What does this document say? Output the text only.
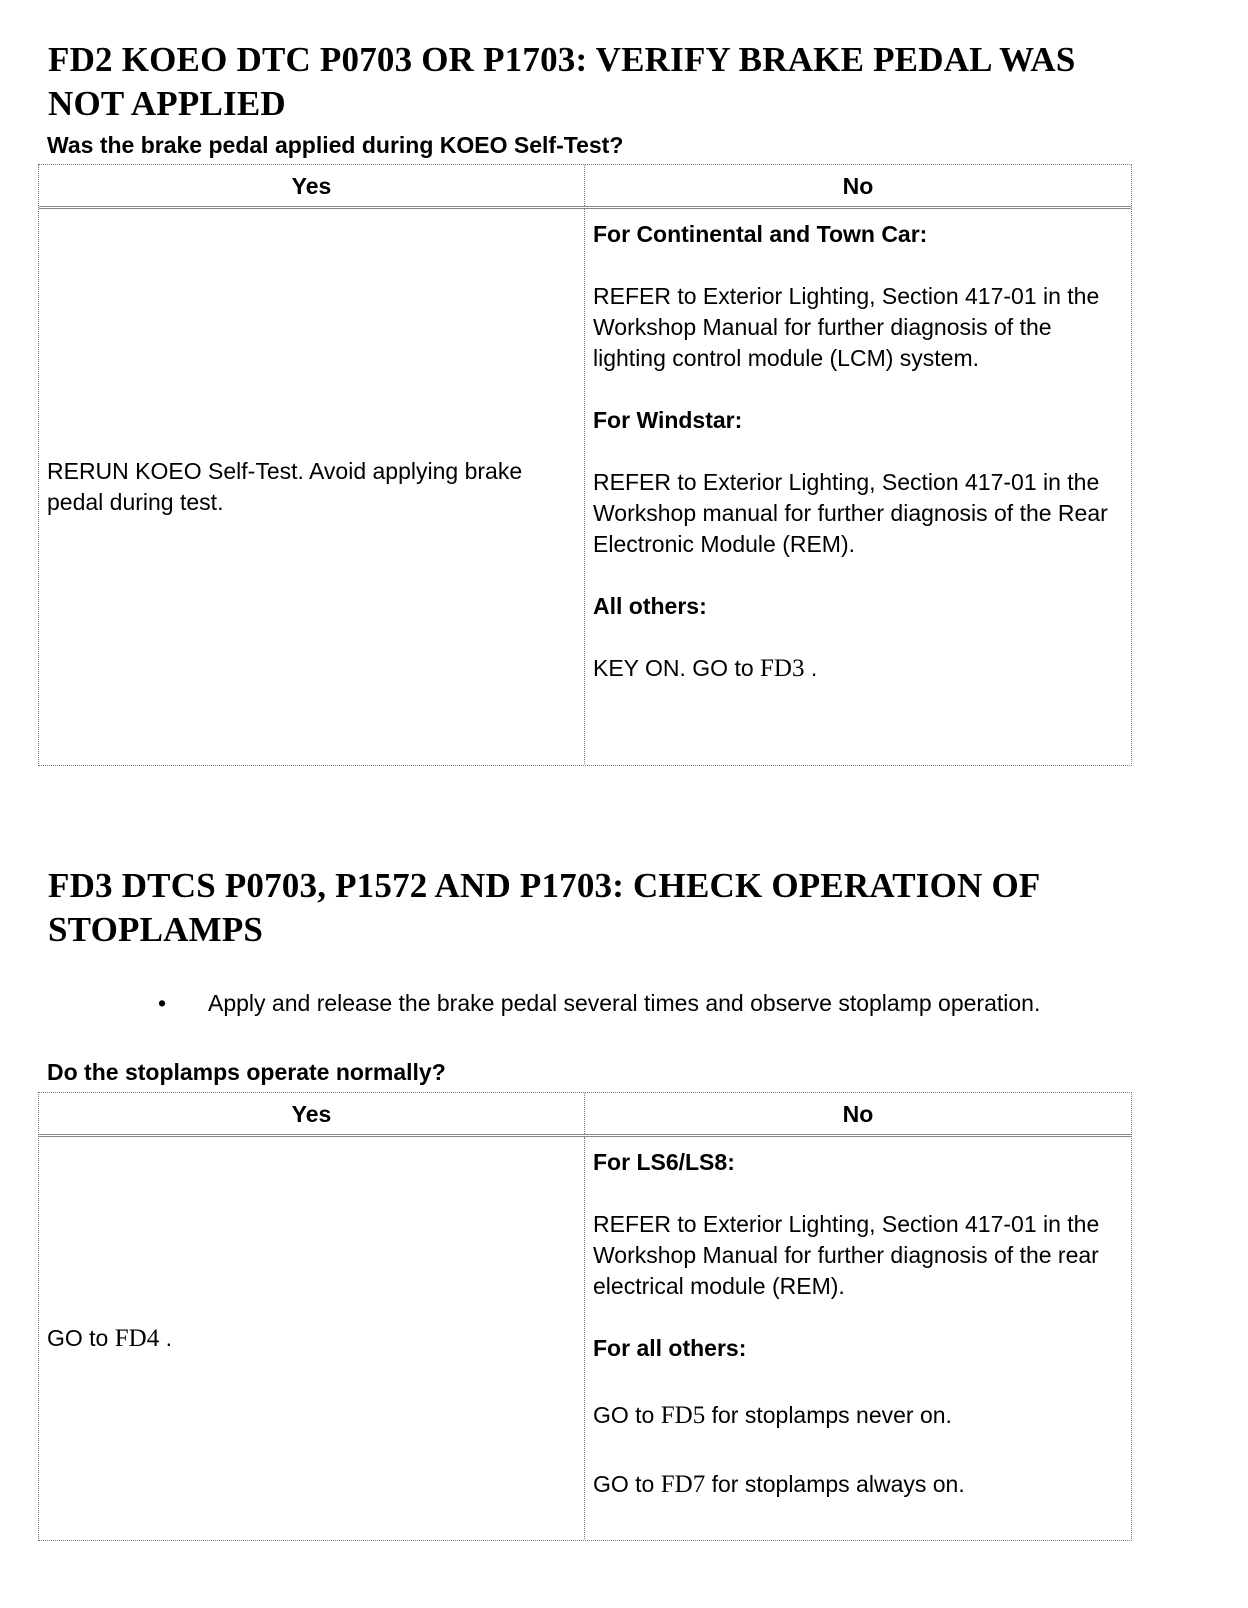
FD2 KOEO DTC P0703 OR P1703: VERIFY BRAKE PEDAL WAS
NOT APPLIED

Was the brake pedal applied during KOEO Self-Test?

Yes	No
RERUN KOEO Self-Test. Avoid applying brake pedal during test.

For Continental and Town Car:

REFER to Exterior Lighting, Section 417-01 in the Workshop Manual for further diagnosis of the lighting control module (LCM) system.

For Windstar:

REFER to Exterior Lighting, Section 417-01 in the Workshop manual for further diagnosis of the Rear Electronic Module (REM).

All others:

KEY ON. GO to FD3 .

FD3 DTCS P0703, P1572 AND P1703: CHECK OPERATION OF
STOPLAMPS

• Apply and release the brake pedal several times and observe stoplamp operation.

Do the stoplamps operate normally?

Yes	No
GO to FD4 .

For LS6/LS8:

REFER to Exterior Lighting, Section 417-01 in the Workshop Manual for further diagnosis of the rear electrical module (REM).

For all others:

GO to FD5 for stoplamps never on.

GO to FD7 for stoplamps always on.
